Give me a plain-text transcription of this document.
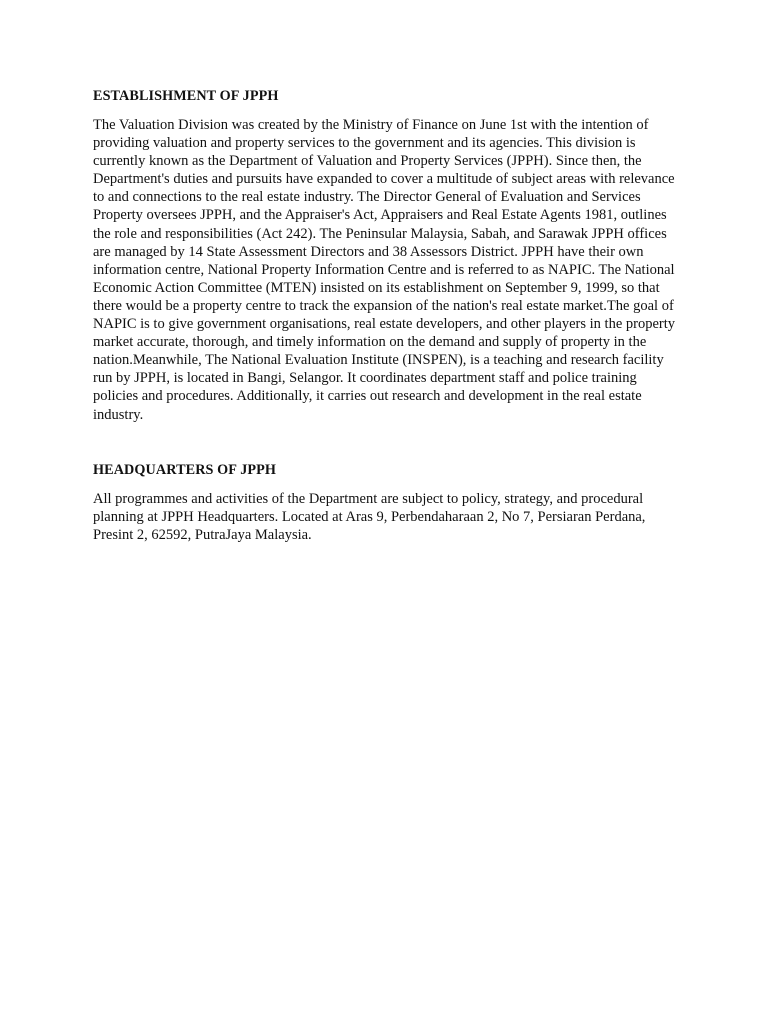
ESTABLISHMENT OF JPPH

The Valuation Division was created by the Ministry of Finance on June 1st with the intention of providing valuation and property services to the government and its agencies. This division is currently known as the Department of Valuation and Property Services (JPPH). Since then, the Department's duties and pursuits have expanded to cover a multitude of subject areas with relevance to and connections to the real estate industry. The Director General of Evaluation and Services Property oversees JPPH, and the Appraiser's Act, Appraisers and Real Estate Agents 1981, outlines the role and responsibilities (Act 242). The Peninsular Malaysia, Sabah, and Sarawak JPPH offices are managed by 14 State Assessment Directors and 38 Assessors District. JPPH have their own information centre, National Property Information Centre and is referred to as NAPIC. The National Economic Action Committee (MTEN) insisted on its establishment on September 9, 1999, so that there would be a property centre to track the expansion of the nation's real estate market.The goal of NAPIC is to give government organisations, real estate developers, and other players in the property market accurate, thorough, and timely information on the demand and supply of property in the nation.Meanwhile, The National Evaluation Institute (INSPEN), is a teaching and research facility run by JPPH, is located in Bangi, Selangor. It coordinates department staff and police training policies and procedures. Additionally, it carries out research and development in the real estate industry.

HEADQUARTERS OF JPPH

All programmes and activities of the Department are subject to policy, strategy, and procedural planning at JPPH Headquarters. Located at Aras 9, Perbendaharaan 2, No 7, Persiaran Perdana, Presint 2, 62592, PutraJaya Malaysia.
